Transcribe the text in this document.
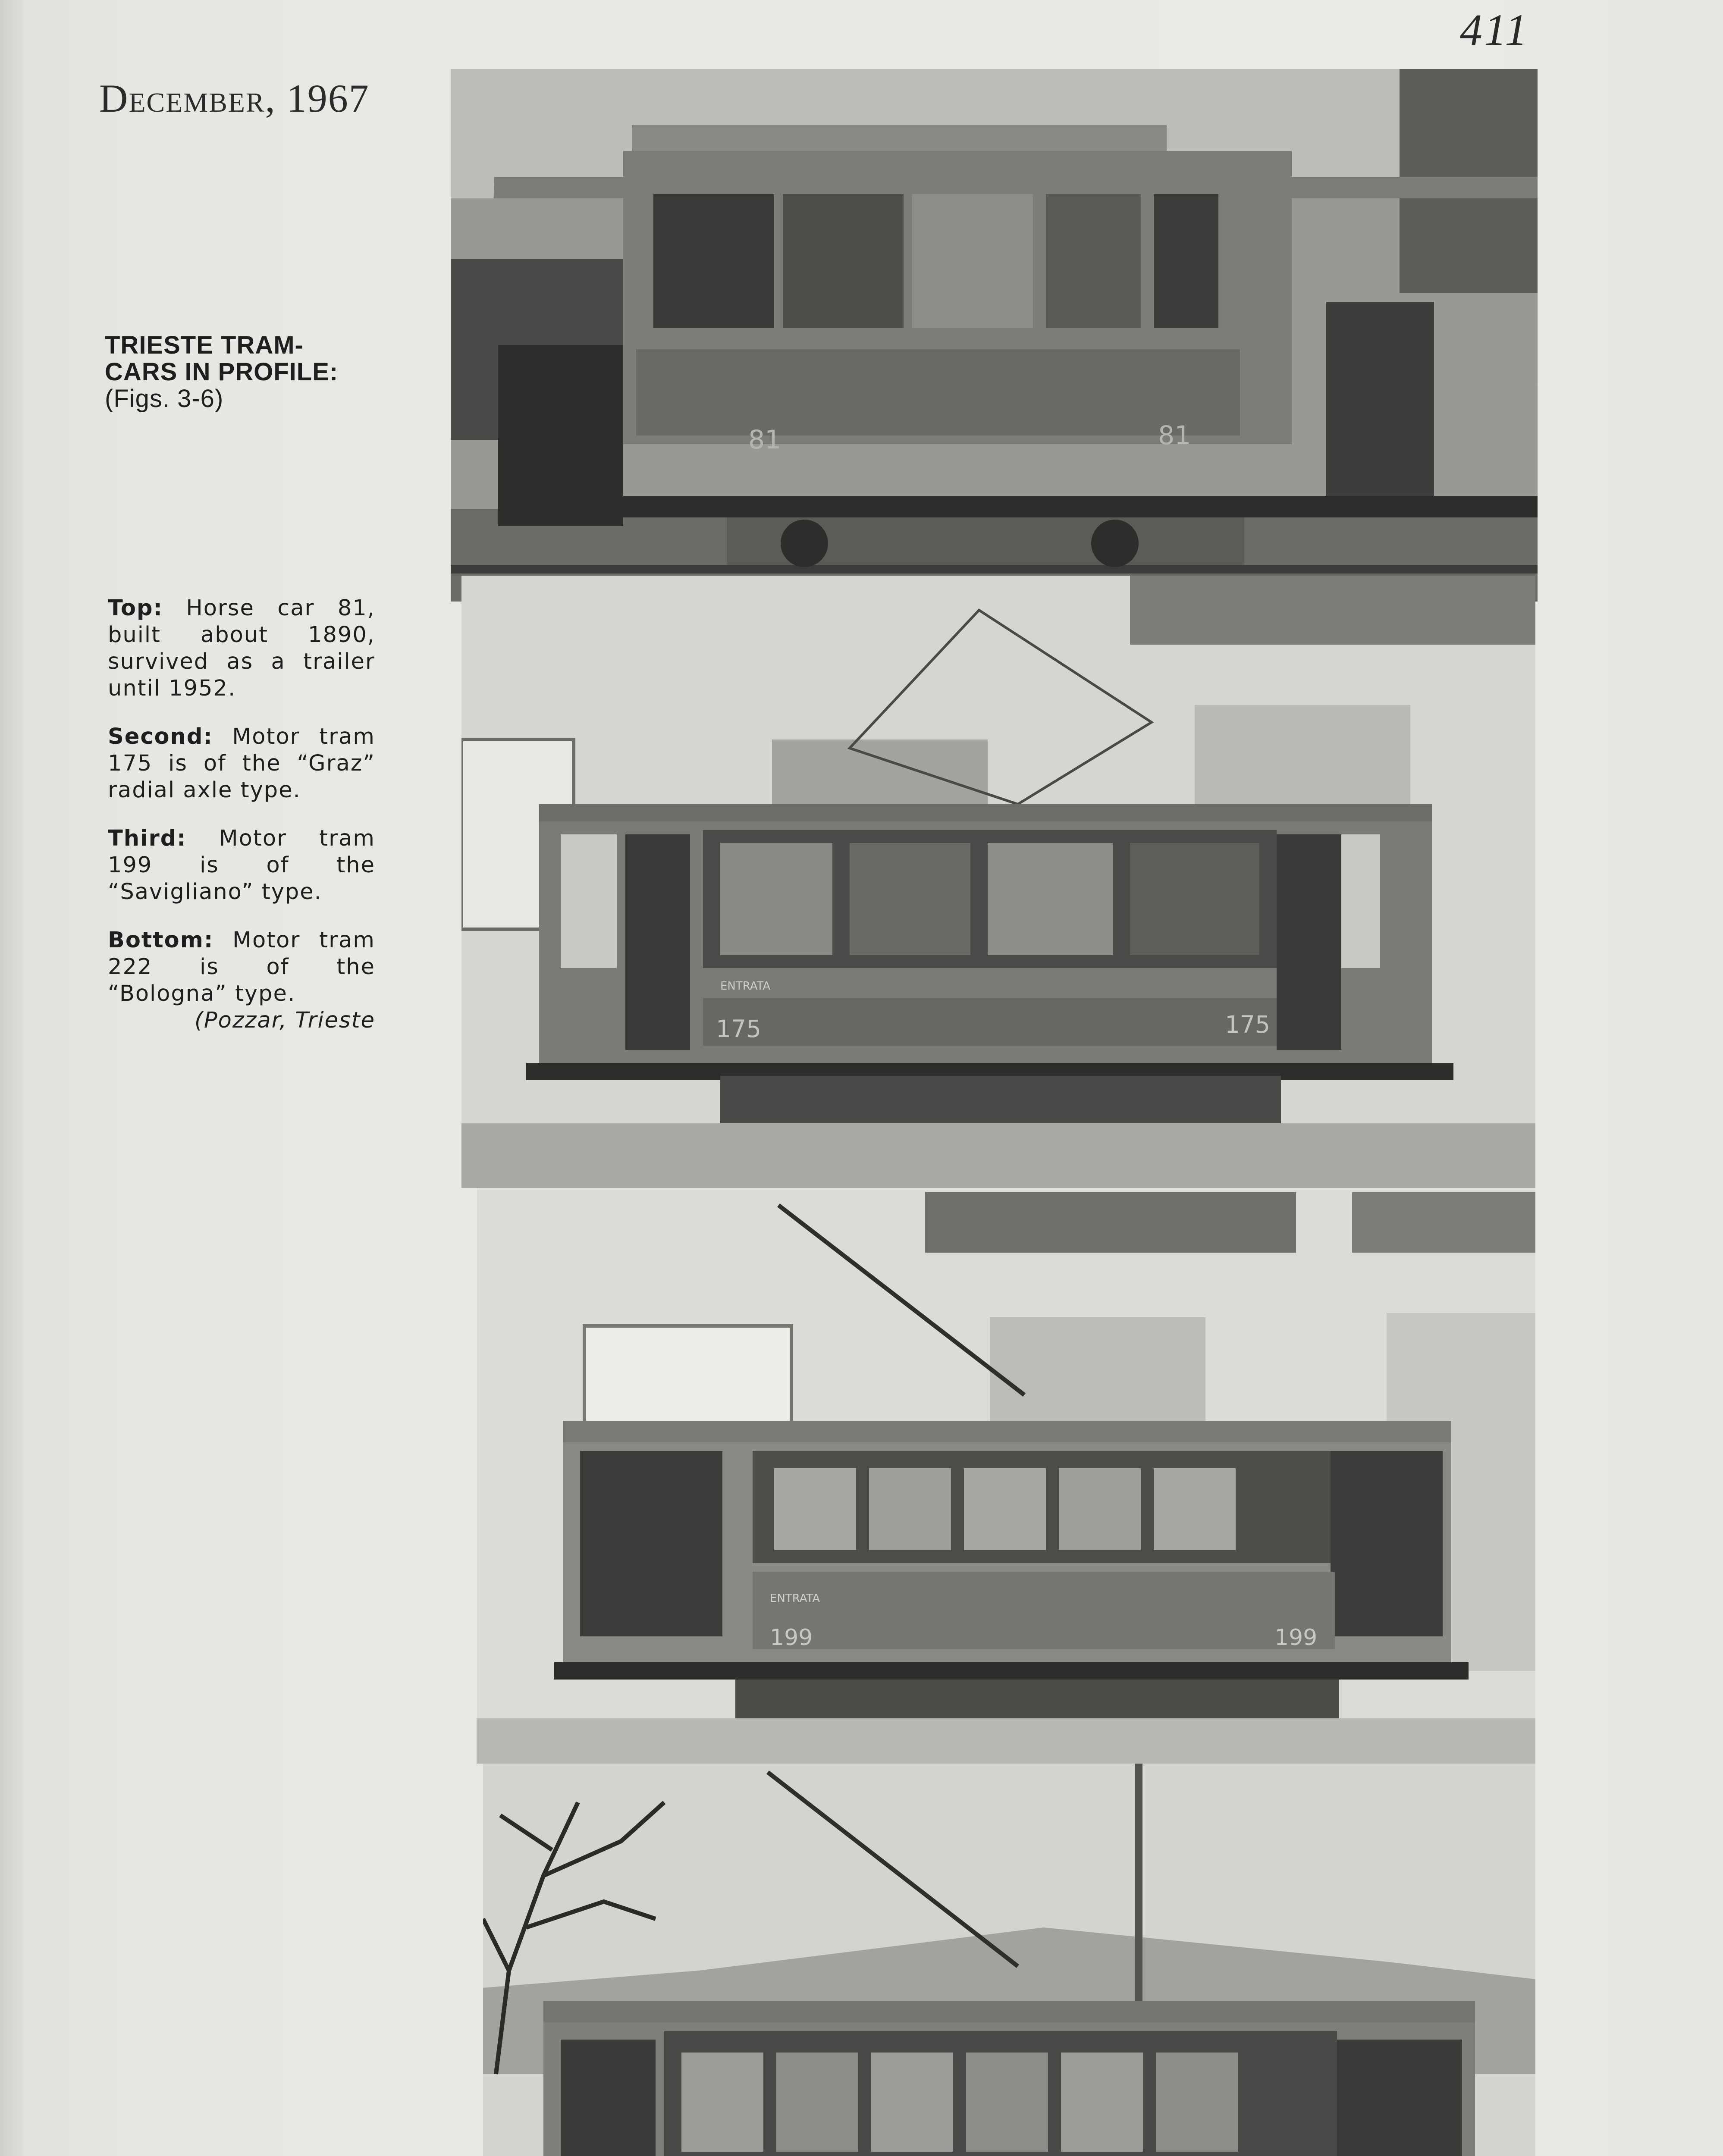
411
December, 1967
TRIESTE TRAM-
CARS IN PROFILE:
(Figs. 3-6)

Top: Horse car 81, built about 1890, survived as a trailer until 1952.

Second: Motor tram 175 is of the “Graz” radial axle type.

Third: Motor tram 199 is of the “Savigliano” type.

Bottom: Motor tram 222 is of the “Bologna” type.
(Pozzar, Trieste

81	81
175	175
ENTRATA
199	199
ENTRATA
